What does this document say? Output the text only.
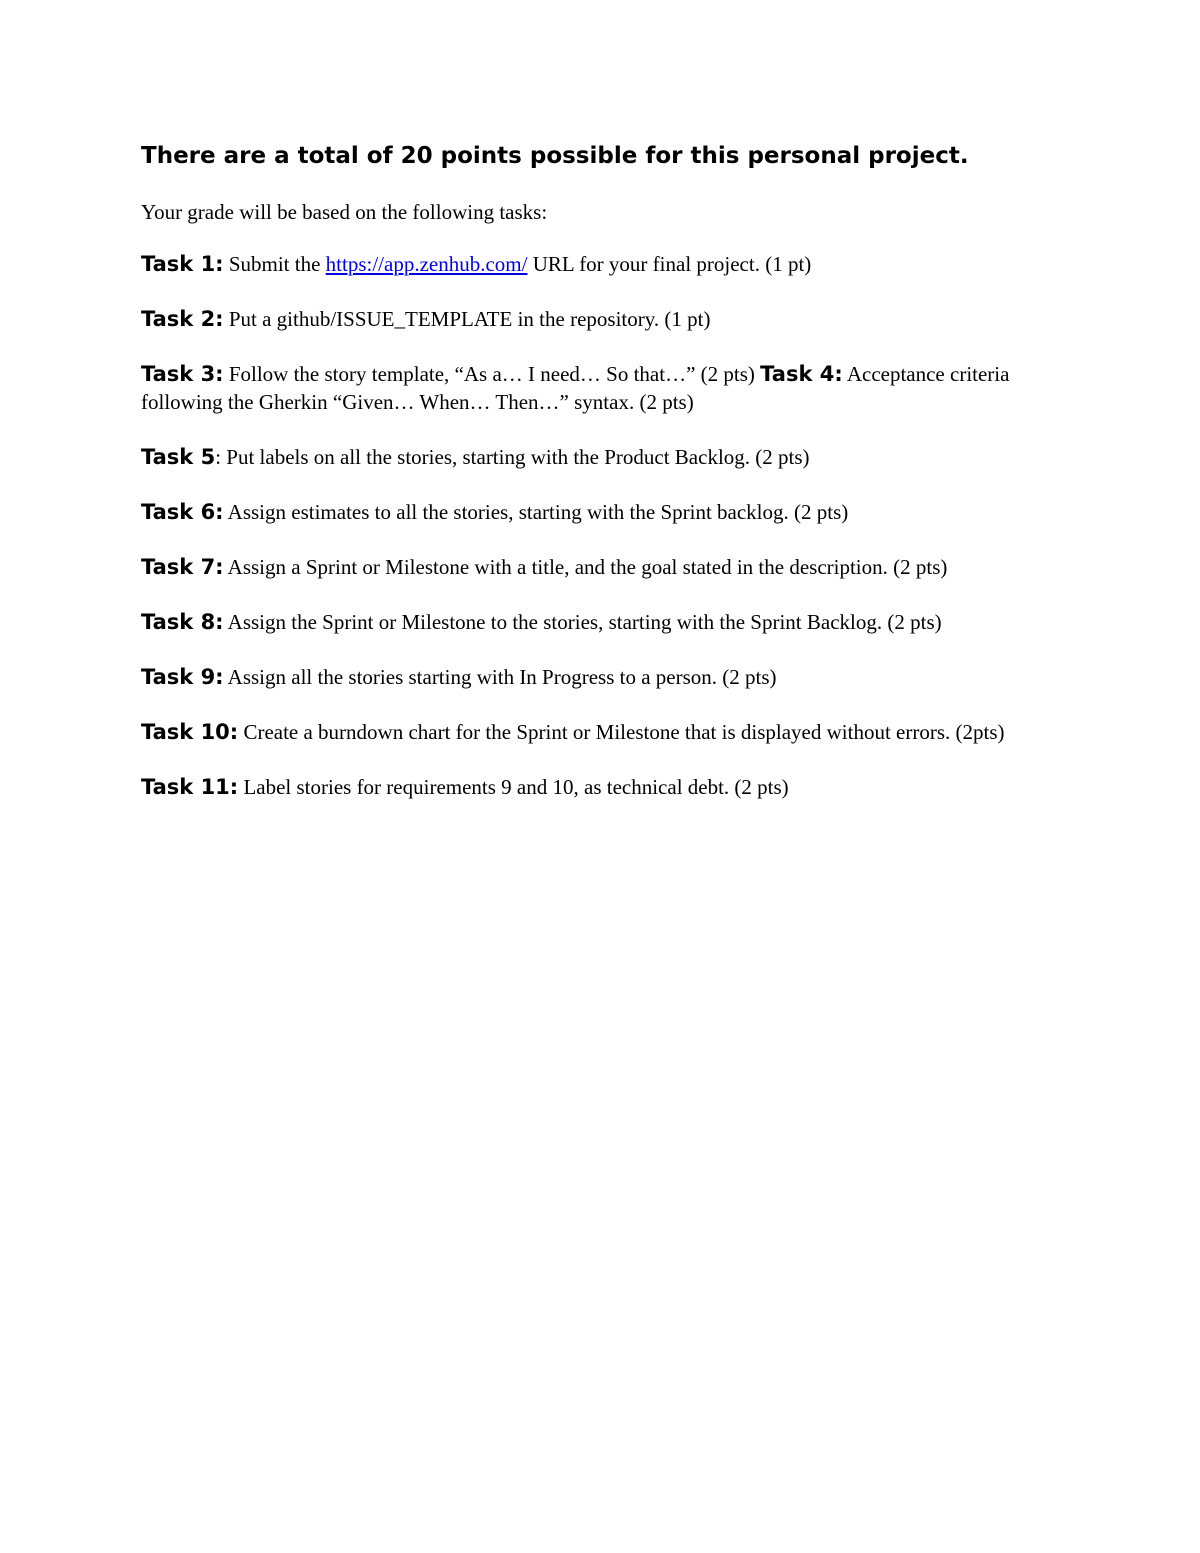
There are a total of 20 points possible for this personal project.

Your grade will be based on the following tasks:

Task 1: Submit the https://app.zenhub.com/ URL for your final project. (1 pt)

Task 2: Put a github/ISSUE_TEMPLATE in the repository. (1 pt)

Task 3: Follow the story template, “As a… I need… So that…” (2 pts) Task 4: Acceptance criteria following the Gherkin “Given… When… Then…” syntax. (2 pts)

Task 5: Put labels on all the stories, starting with the Product Backlog. (2 pts)

Task 6: Assign estimates to all the stories, starting with the Sprint backlog. (2 pts)

Task 7: Assign a Sprint or Milestone with a title, and the goal stated in the description. (2 pts)

Task 8: Assign the Sprint or Milestone to the stories, starting with the Sprint Backlog. (2 pts)

Task 9: Assign all the stories starting with In Progress to a person. (2 pts)

Task 10: Create a burndown chart for the Sprint or Milestone that is displayed without errors. (2pts)

Task 11: Label stories for requirements 9 and 10, as technical debt. (2 pts)
